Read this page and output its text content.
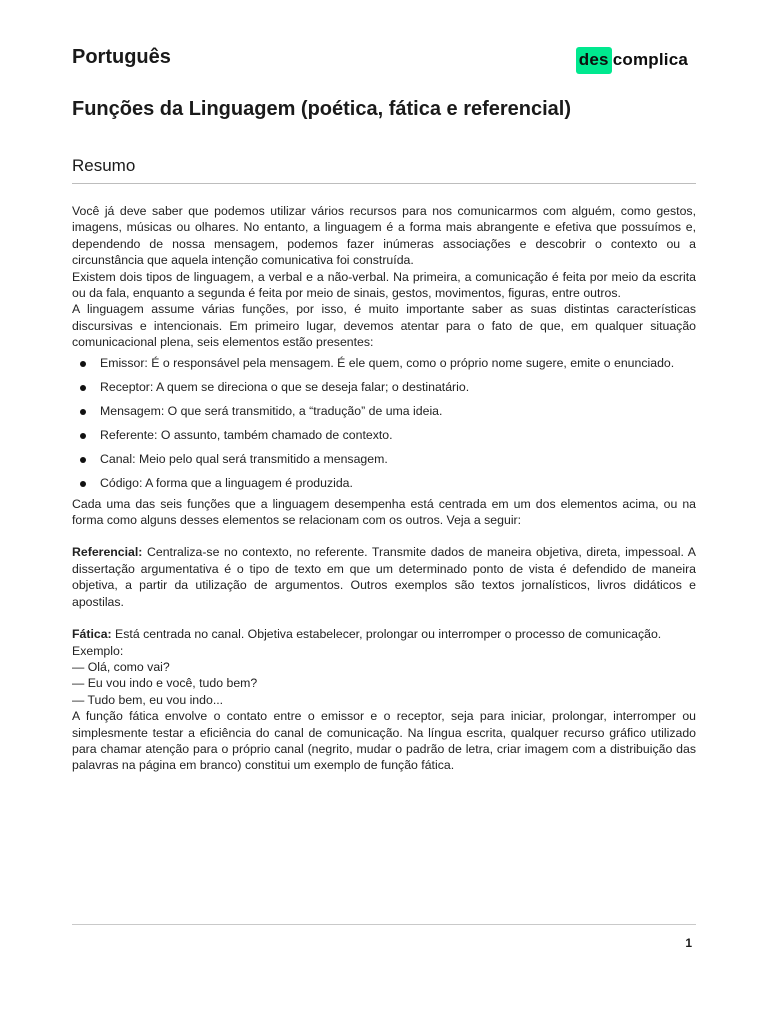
Português	des complica
Funções da Linguagem (poética, fática e referencial)
Resumo

Você já deve saber que podemos utilizar vários recursos para nos comunicarmos com alguém, como gestos, imagens, músicas ou olhares. No entanto, a linguagem é a forma mais abrangente e efetiva que possuímos e, dependendo de nossa mensagem, podemos fazer inúmeras associações e descobrir o contexto ou a circunstância que aquela intenção comunicativa foi construída.

Existem dois tipos de linguagem, a verbal e a não-verbal. Na primeira, a comunicação é feita por meio da escrita ou da fala, enquanto a segunda é feita por meio de sinais, gestos, movimentos, figuras, entre outros.

A linguagem assume várias funções, por isso, é muito importante saber as suas distintas características discursivas e intencionais. Em primeiro lugar, devemos atentar para o fato de que, em qualquer situação comunicacional plena, seis elementos estão presentes:

Emissor: É o responsável pela mensagem. É ele quem, como o próprio nome sugere, emite o enunciado.
Receptor: A quem se direciona o que se deseja falar; o destinatário.
Mensagem: O que será transmitido, a “tradução” de uma ideia.
Referente: O assunto, também chamado de contexto.
Canal: Meio pelo qual será transmitido a mensagem.
Código: A forma que a linguagem é produzida.

Cada uma das seis funções que a linguagem desempenha está centrada em um dos elementos acima, ou na forma como alguns desses elementos se relacionam com os outros. Veja a seguir:

Referencial: Centraliza-se no contexto, no referente. Transmite dados de maneira objetiva, direta, impessoal. A dissertação argumentativa é o tipo de texto em que um determinado ponto de vista é defendido de maneira objetiva, a partir da utilização de argumentos. Outros exemplos são textos jornalísticos, livros didáticos e apostilas.

Fática: Está centrada no canal. Objetiva estabelecer, prolongar ou interromper o processo de comunicação.

Exemplo:

— Olá, como vai?

— Eu vou indo e você, tudo bem?

— Tudo bem, eu vou indo...

A função fática envolve o contato entre o emissor e o receptor, seja para iniciar, prolongar, interromper ou simplesmente testar a eficiência do canal de comunicação. Na língua escrita, qualquer recurso gráfico utilizado para chamar atenção para o próprio canal (negrito, mudar o padrão de letra, criar imagem com a distribuição das palavras na página em branco) constitui um exemplo de função fática.

1
